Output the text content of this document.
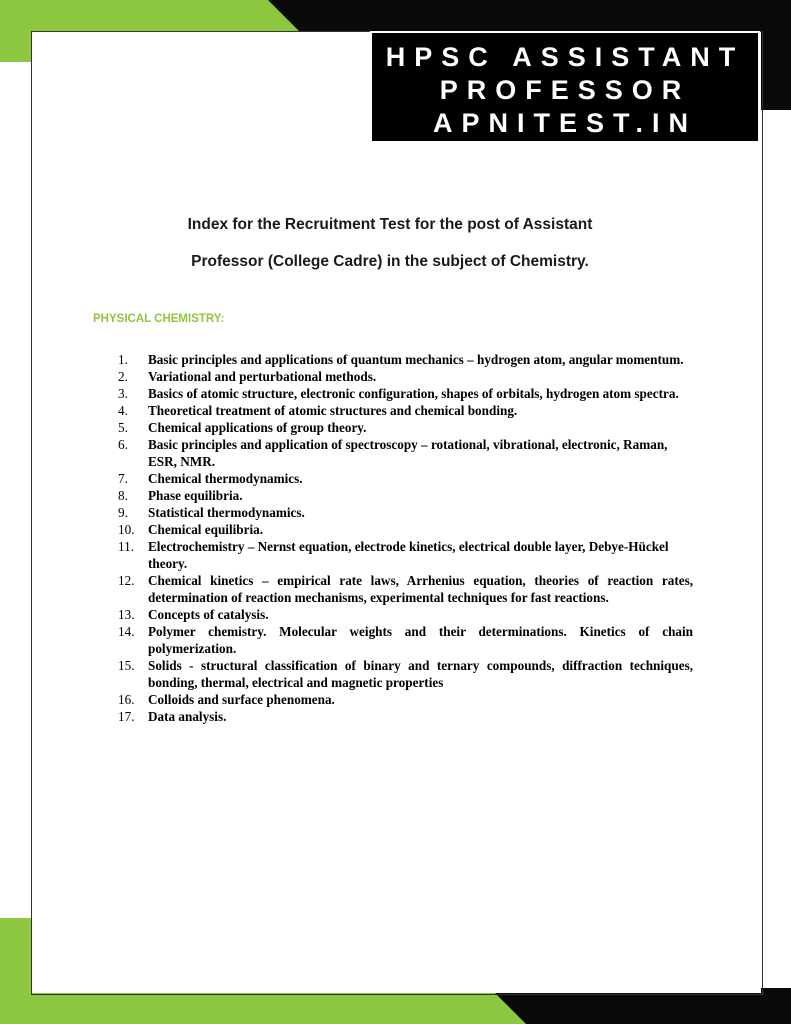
HPSC ASSISTANT
PROFESSOR
APNITEST.IN
Index for the Recruitment Test for the post of Assistant
Professor (College Cadre) in the subject of Chemistry.
PHYSICAL CHEMISTRY:
1.	Basic principles and applications of quantum mechanics – hydrogen atom, angular momentum.
2.	Variational and perturbational methods.
3.	Basics of atomic structure, electronic configuration, shapes of orbitals, hydrogen atom spectra.
4.	Theoretical treatment of atomic structures and chemical bonding.
5.	Chemical applications of group theory.
6.	Basic principles and application of spectroscopy – rotational, vibrational, electronic, Raman, ESR, NMR.
7.	Chemical thermodynamics.
8.	Phase equilibria.
9.	Statistical thermodynamics.
10.	Chemical equilibria.
11.	Electrochemistry – Nernst equation, electrode kinetics, electrical double layer, Debye-Hückel theory.
12.	Chemical kinetics – empirical rate laws, Arrhenius equation, theories of reaction rates, determination of reaction mechanisms, experimental techniques for fast reactions.
13.	Concepts of catalysis.
14.	Polymer chemistry. Molecular weights and their determinations. Kinetics of chain polymerization.
15.	Solids - structural classification of binary and ternary compounds, diffraction techniques, bonding, thermal, electrical and magnetic properties
16.	Colloids and surface phenomena.
17.	Data analysis.
